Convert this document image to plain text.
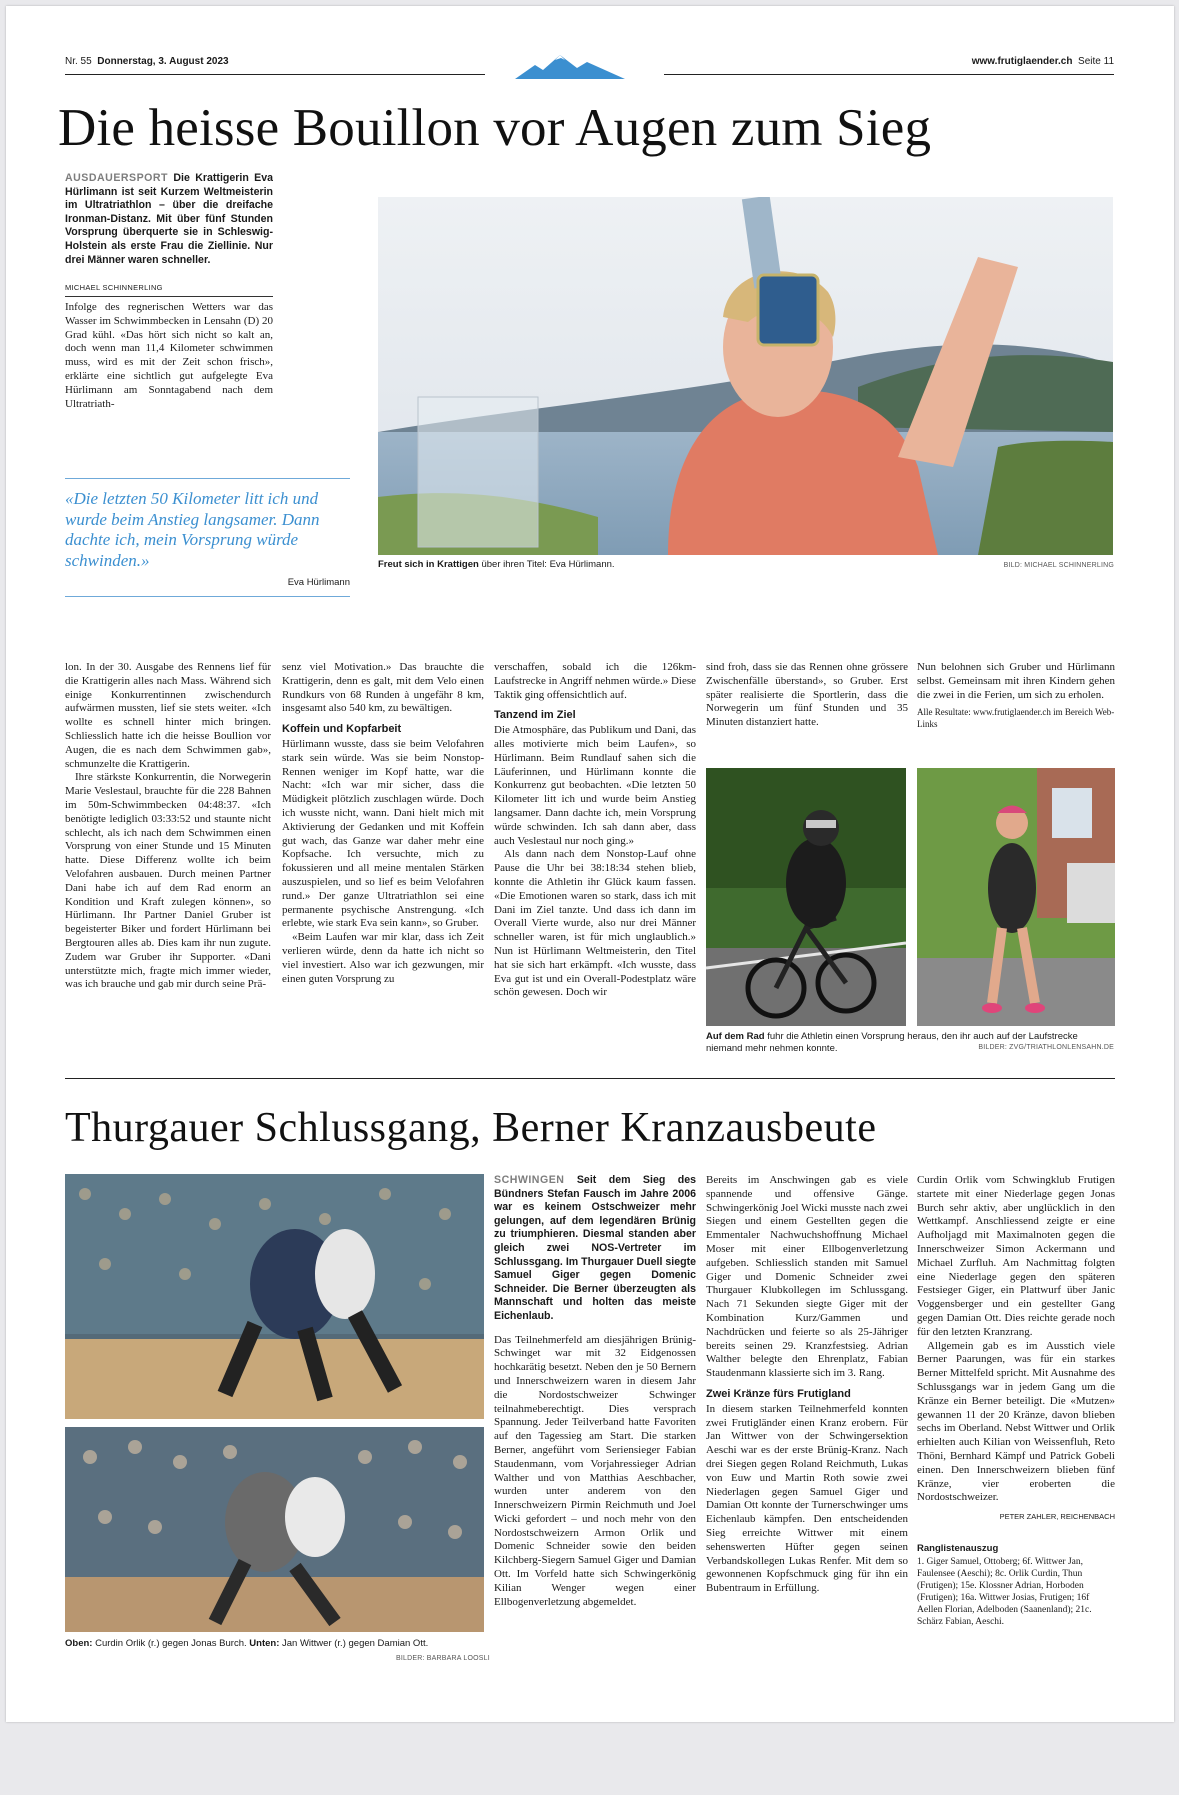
Nr. 55 Donnerstag, 3. August 2023	www.frutiglaender.ch Seite 11
Die heisse Bouillon vor Augen zum Sieg
AUSDAUERSPORT Die Krattigerin Eva Hürlimann ist seit Kurzem Weltmeisterin im Ultratriathlon – über die dreifache Ironman-Distanz. Mit über fünf Stunden Vorsprung überquerte sie in Schleswig-Holstein als erste Frau die Ziellinie. Nur drei Männer waren schneller.
MICHAEL SCHINNERLING

Infolge des regnerischen Wetters war das Wasser im Schwimmbecken in Lensahn (D) 20 Grad kühl. «Das hört sich nicht so kalt an, doch wenn man 11,4 Kilometer schwimmen muss, wird es mit der Zeit schon frisch», erklärte eine sichtlich gut aufgelegte Eva Hürlimann am Sonntagabend nach dem Ultratriath-

«Die letzten 50 Kilometer litt ich und wurde beim Anstieg langsamer. Dann dachte ich, mein Vorsprung würde schwinden.»
Eva Hürlimann
Freut sich in Krattigen über ihren Titel: Eva Hürlimann.	BILD: MICHAEL SCHINNERLING

lon. In der 30. Ausgabe des Rennens lief für die Krattigerin alles nach Mass. Während sich einige Konkurrentinnen zwischendurch aufwärmen mussten, lief sie stets weiter. «Ich wollte es schnell hinter mich bringen. Schliesslich hatte ich die heisse Boullion vor Augen, die es nach dem Schwimmen gab», schmunzelte die Krattigerin.

Ihre stärkste Konkurrentin, die Norwegerin Marie Veslestaul, brauchte für die 228 Bahnen im 50m-Schwimmbecken 04:48:37. «Ich benötigte lediglich 03:33:52 und staunte nicht schlecht, als ich nach dem Schwimmen einen Vorsprung von einer Stunde und 15 Minuten hatte. Diese Differenz wollte ich beim Velofahren ausbauen. Durch meinen Partner Dani habe ich auf dem Rad enorm an Kondition und Kraft zulegen können», so Hürlimann. Ihr Partner Daniel Gruber ist begeisterter Biker und fordert Hürlimann bei Bergtouren alles ab. Dies kam ihr nun zugute. Zudem war Gruber ihr Supporter. «Dani unterstützte mich, fragte mich immer wieder, was ich brauche und gab mir durch seine Prä-

senz viel Motivation.» Das brauchte die Krattigerin, denn es galt, mit dem Velo einen Rundkurs von 68 Runden à ungefähr 8 km, insgesamt also 540 km, zu bewältigen.

Koffein und Kopfarbeit

Hürlimann wusste, dass sie beim Velofahren stark sein würde. Was sie beim Nonstop-Rennen weniger im Kopf hatte, war die Nacht: «Ich war mir sicher, dass die Müdigkeit plötzlich zuschlagen würde. Doch ich wusste nicht, wann. Dani hielt mich mit Aktivierung der Gedanken und mit Koffein gut wach, das Ganze war daher mehr eine Kopfsache. Ich versuchte, mich zu fokussieren und all meine mentalen Stärken auszuspielen, und so lief es beim Velofahren rund.» Der ganze Ultratriathlon sei eine permanente psychische Anstrengung. «Ich erlebte, wie stark Eva sein kann», so Gruber.

«Beim Laufen war mir klar, dass ich Zeit verlieren würde, denn da hatte ich nicht so viel investiert. Also war ich gezwungen, mir einen guten Vorsprung zu

verschaffen, sobald ich die 126km-Laufstrecke in Angriff nehmen würde.» Diese Taktik ging offensichtlich auf.

Tanzend im Ziel

Die Atmosphäre, das Publikum und Dani, das alles motivierte mich beim Laufen», so Hürlimann. Beim Rundlauf sahen sich die Läuferinnen, und Hürlimann konnte die Konkurrenz gut beobachten. «Die letzten 50 Kilometer litt ich und wurde beim Anstieg langsamer. Dann dachte ich, mein Vorsprung würde schwinden. Ich sah dann aber, dass auch Veslestaul nur noch ging.»

Als dann nach dem Nonstop-Lauf ohne Pause die Uhr bei 38:18:34 stehen blieb, konnte die Athletin ihr Glück kaum fassen. «Die Emotionen waren so stark, dass ich mit Dani im Ziel tanzte. Und dass ich dann im Overall Vierte wurde, also nur drei Männer schneller waren, ist für mich unglaublich.» Nun ist Hürlimann Weltmeisterin, den Titel hat sie sich hart erkämpft. «Ich wusste, dass Eva gut ist und ein Overall-Podestplatz wäre schön gewesen. Doch wir

sind froh, dass sie das Rennen ohne grössere Zwischenfälle überstand», so Gruber. Erst später realisierte die Sportlerin, dass die Norwegerin um fünf Stunden und 35 Minuten distanziert hatte.

Nun belohnen sich Gruber und Hürlimann selbst. Gemeinsam mit ihren Kindern gehen die zwei in die Ferien, um sich zu erholen.

Alle Resultate: www.frutiglaender.ch im Bereich Web-Links

Auf dem Rad fuhr die Athletin einen Vorsprung heraus, den ihr auch auf der Laufstrecke niemand mehr nehmen konnte.	BILDER: ZVG/TRIATHLONLENSAHN.DE
Thurgauer Schlussgang, Berner Kranzausbeute
Oben: Curdin Orlik (r.) gegen Jonas Burch. Unten: Jan Wittwer (r.) gegen Damian Ott.
BILDER: BARBARA LOOSLI
SCHWINGEN Seit dem Sieg des Bündners Stefan Fausch im Jahre 2006 war es keinem Ostschweizer mehr gelungen, auf dem legendären Brünig zu triumphieren. Diesmal standen aber gleich zwei NOS-Vertreter im Schlussgang. Im Thurgauer Duell siegte Samuel Giger gegen Domenic Schneider. Die Berner überzeugten als Mannschaft und holten das meiste Eichenlaub.

Das Teilnehmerfeld am diesjährigen Brünig-Schwinget war mit 32 Eidgenossen hochkarätig besetzt. Neben den je 50 Bernern und Innerschweizern waren in diesem Jahr die Nordostschweizer Schwinger teilnahmeberechtigt. Dies versprach Spannung. Jeder Teilverband hatte Favoriten auf den Tagessieg am Start. Die starken Berner, angeführt vom Seriensieger Fabian Staudenmann, vom Vorjahressieger Adrian Walther und von Matthias Aeschbacher, wurden unter anderem von den Innerschweizern Pirmin Reichmuth und Joel Wicki gefordert – und noch mehr von den Nordostschweizern Armon Orlik und Domenic Schneider sowie den beiden Kilchberg-Siegern Samuel Giger und Damian Ott. Im Vorfeld hatte sich Schwingerkönig Kilian Wenger wegen einer Ellbogenverletzung abgemeldet.

Bereits im Anschwingen gab es viele spannende und offensive Gänge. Schwingerkönig Joel Wicki musste nach zwei Siegen und einem Gestellten gegen die Emmentaler Nachwuchshoffnung Michael Moser mit einer Ellbogenverletzung aufgeben. Schliesslich standen mit Samuel Giger und Domenic Schneider zwei Thurgauer Klubkollegen im Schlussgang. Nach 71 Sekunden siegte Giger mit der Kombination Kurz/Gammen und Nachdrücken und feierte so als 25-Jähriger bereits seinen 29. Kranzfestsieg. Adrian Walther belegte den Ehrenplatz, Fabian Staudenmann klassierte sich im 3. Rang.

Zwei Kränze fürs Frutigland

In diesem starken Teilnehmerfeld konnten zwei Frutigländer einen Kranz erobern. Für Jan Wittwer von der Schwingersektion Aeschi war es der erste Brünig-Kranz. Nach drei Siegen gegen Roland Reichmuth, Lukas von Euw und Martin Roth sowie zwei Niederlagen gegen Samuel Giger und Damian Ott konnte der Turnerschwinger ums Eichenlaub kämpfen. Den entscheidenden Sieg erreichte Wittwer mit einem sehenswerten Hüfter gegen seinen Verbandskollegen Lukas Renfer. Mit dem so gewonnenen Kopfschmuck ging für ihn ein Bubentraum in Erfüllung.

Curdin Orlik vom Schwingklub Frutigen startete mit einer Niederlage gegen Jonas Burch sehr aktiv, aber unglücklich in den Wettkampf. Anschliessend zeigte er eine Aufholjagd mit Maximalnoten gegen die Innerschweizer Simon Ackermann und Michael Zurfluh. Am Nachmittag folgten eine Niederlage gegen den späteren Festsieger Giger, ein Plattwurf über Janic Voggensberger und ein gestellter Gang gegen Damian Ott. Dies reichte gerade noch für den letzten Kranzrang.

Allgemein gab es im Ausstich viele Berner Paarungen, was für ein starkes Berner Mittelfeld spricht. Mit Ausnahme des Schlussgangs war in jedem Gang um die Kränze ein Berner beteiligt. Die «Mutzen» gewannen 11 der 20 Kränze, davon blieben sechs im Oberland. Nebst Wittwer und Orlik erhielten auch Kilian von Weissenfluh, Reto Thöni, Bernhard Kämpf und Patrick Gobeli einen. Den Innerschweizern blieben fünf Kränze, vier eroberten die Nordostschweizer.

PETER ZAHLER, REICHENBACH
Ranglistenauszug

1. Giger Samuel, Ottoberg; 6f. Wittwer Jan, Faulensee (Aeschi); 8c. Orlik Curdin, Thun (Frutigen); 15e. Klossner Adrian, Horboden (Frutigen); 16a. Wittwer Josias, Frutigen; 16f Aellen Florian, Adelboden (Saanenland); 21c. Schärz Fabian, Aeschi.
